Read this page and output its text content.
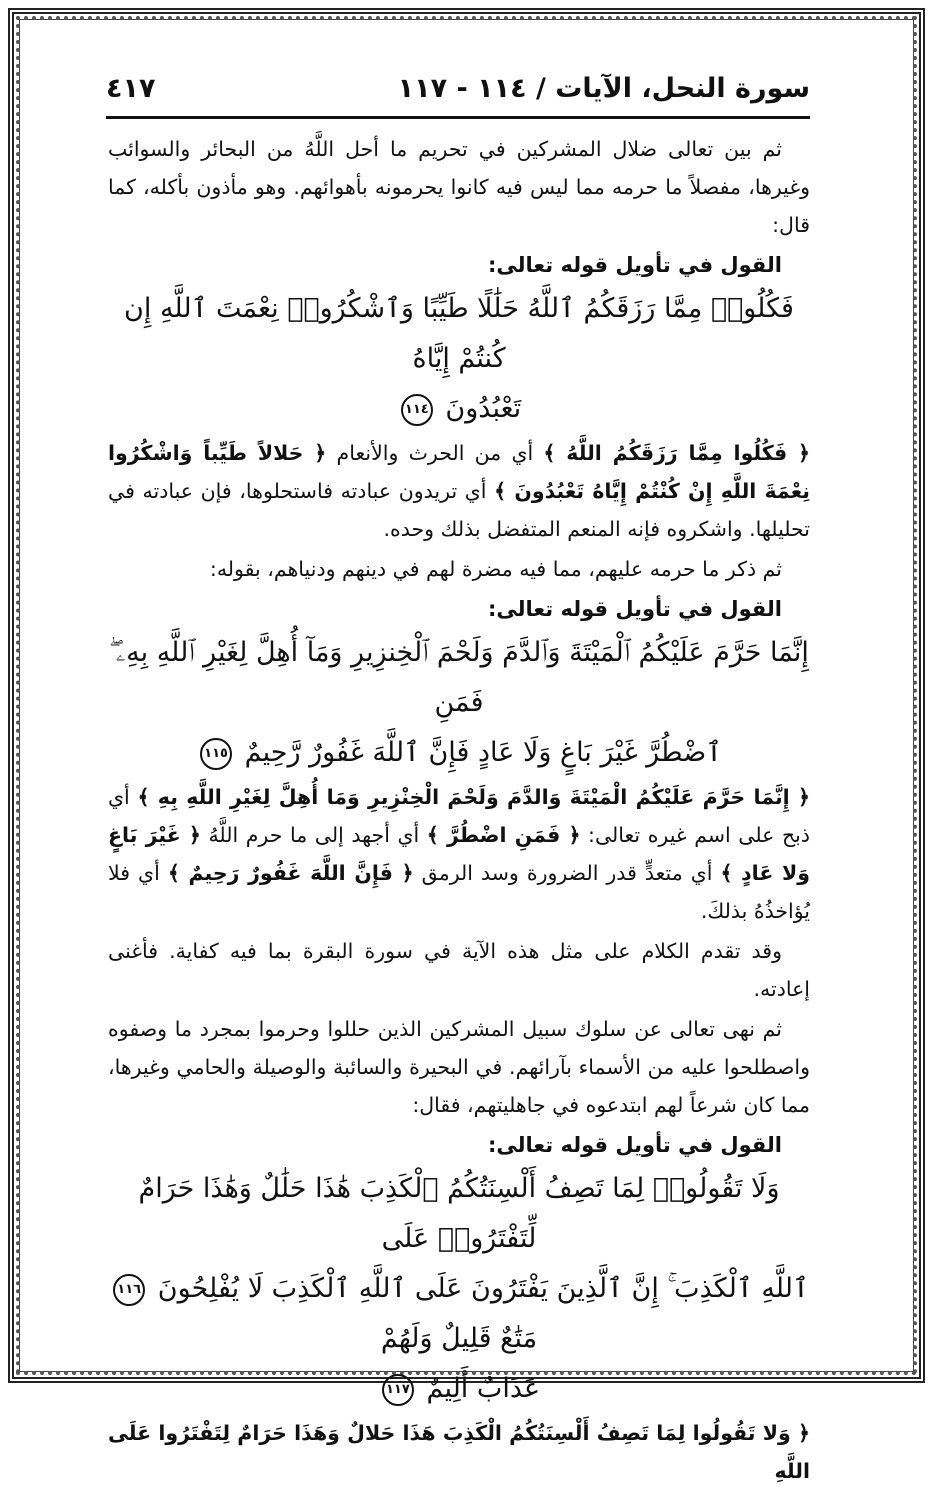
سورة النحل، الآيات / ١١٤ - ١١٧
٤١٧

ثم بين تعالى ضلال المشركين في تحريم ما أحل اللَّهُ من البحائر والسوائب وغيرها، مفصلاً ما حرمه مما ليس فيه كانوا يحرمونه بأهوائهم. وهو مأذون بأكله، كما قال:

القول في تأويل قوله تعالى:

فَكُلُوا۟ مِمَّا رَزَقَكُمُ ٱللَّهُ حَلَٰلًا طَيِّبًا وَٱشْكُرُوا۟ نِعْمَتَ ٱللَّهِ إِن كُنتُمْ إِيَّاهُ

تَعْبُدُونَ ١١٤

﴿ فَكُلُوا مِمَّا رَزَقَكُمُ اللَّهُ ﴾ أي من الحرث والأنعام ﴿ حَلالاً طَيِّباً وَاشْكُرُوا نِعْمَةَ اللَّهِ إِنْ كُنْتُمْ إِيَّاهُ تَعْبُدُونَ ﴾ أي تريدون عبادته فاستحلوها، فإن عبادته في تحليلها. واشكروه فإنه المنعم المتفضل بذلك وحده.

ثم ذكر ما حرمه عليهم، مما فيه مضرة لهم في دينهم ودنياهم، بقوله:

القول في تأويل قوله تعالى:

إِنَّمَا حَرَّمَ عَلَيْكُمُ ٱلْمَيْتَةَ وَٱلدَّمَ وَلَحْمَ ٱلْخِنزِيرِ وَمَآ أُهِلَّ لِغَيْرِ ٱللَّهِ بِهِۦ ۖ فَمَنِ

ٱضْطُرَّ غَيْرَ بَاغٍ وَلَا عَادٍ فَإِنَّ ٱللَّهَ غَفُورٌ رَّحِيمٌ ١١٥

﴿ إِنَّمَا حَرَّمَ عَلَيْكُمُ الْمَيْتَةَ وَالدَّمَ وَلَحْمَ الْخِنْزِيرِ وَمَا أُهِلَّ لِغَيْرِ اللَّهِ بِهِ ﴾ أي ذبح على اسم غيره تعالى: ﴿ فَمَنِ اضْطُرَّ ﴾ أي أجهد إلى ما حرم اللَّهُ ﴿ غَيْرَ بَاغٍ وَلا عَادٍ ﴾ أي متعدٍّ قدر الضرورة وسد الرمق ﴿ فَإِنَّ اللَّهَ غَفُورٌ رَحِيمٌ ﴾ أي فلا يُؤاخذُهُ بذلكَ.

وقد تقدم الكلام على مثل هذه الآية في سورة البقرة بما فيه كفاية. فأغنى إعادته.

ثم نهى تعالى عن سلوك سبيل المشركين الذين حللوا وحرموا بمجرد ما وصفوه واصطلحوا عليه من الأسماء بآرائهم. في البحيرة والسائبة والوصيلة والحامي وغيرها، مما كان شرعاً لهم ابتدعوه في جاهليتهم، فقال:

القول في تأويل قوله تعالى:

وَلَا تَقُولُوا۟ لِمَا تَصِفُ أَلْسِنَتُكُمُ ٱلْكَذِبَ هَٰذَا حَلَٰلٌ وَهَٰذَا حَرَامٌ لِّتَفْتَرُوا۟ عَلَى

ٱللَّهِ ٱلْكَذِبَ ۚ إِنَّ ٱلَّذِينَ يَفْتَرُونَ عَلَى ٱللَّهِ ٱلْكَذِبَ لَا يُفْلِحُونَ ١١٦ مَتَٰعٌ قَلِيلٌ وَلَهُمْ

عَذَابٌ أَلِيمٌ ١١٧

﴿ وَلا تَقُولُوا لِمَا تَصِفُ أَلْسِنَتُكُمُ الْكَذِبَ هَذَا حَلالٌ وَهَذَا حَرَامٌ لِتَفْتَرُوا عَلَى اللَّهِ
